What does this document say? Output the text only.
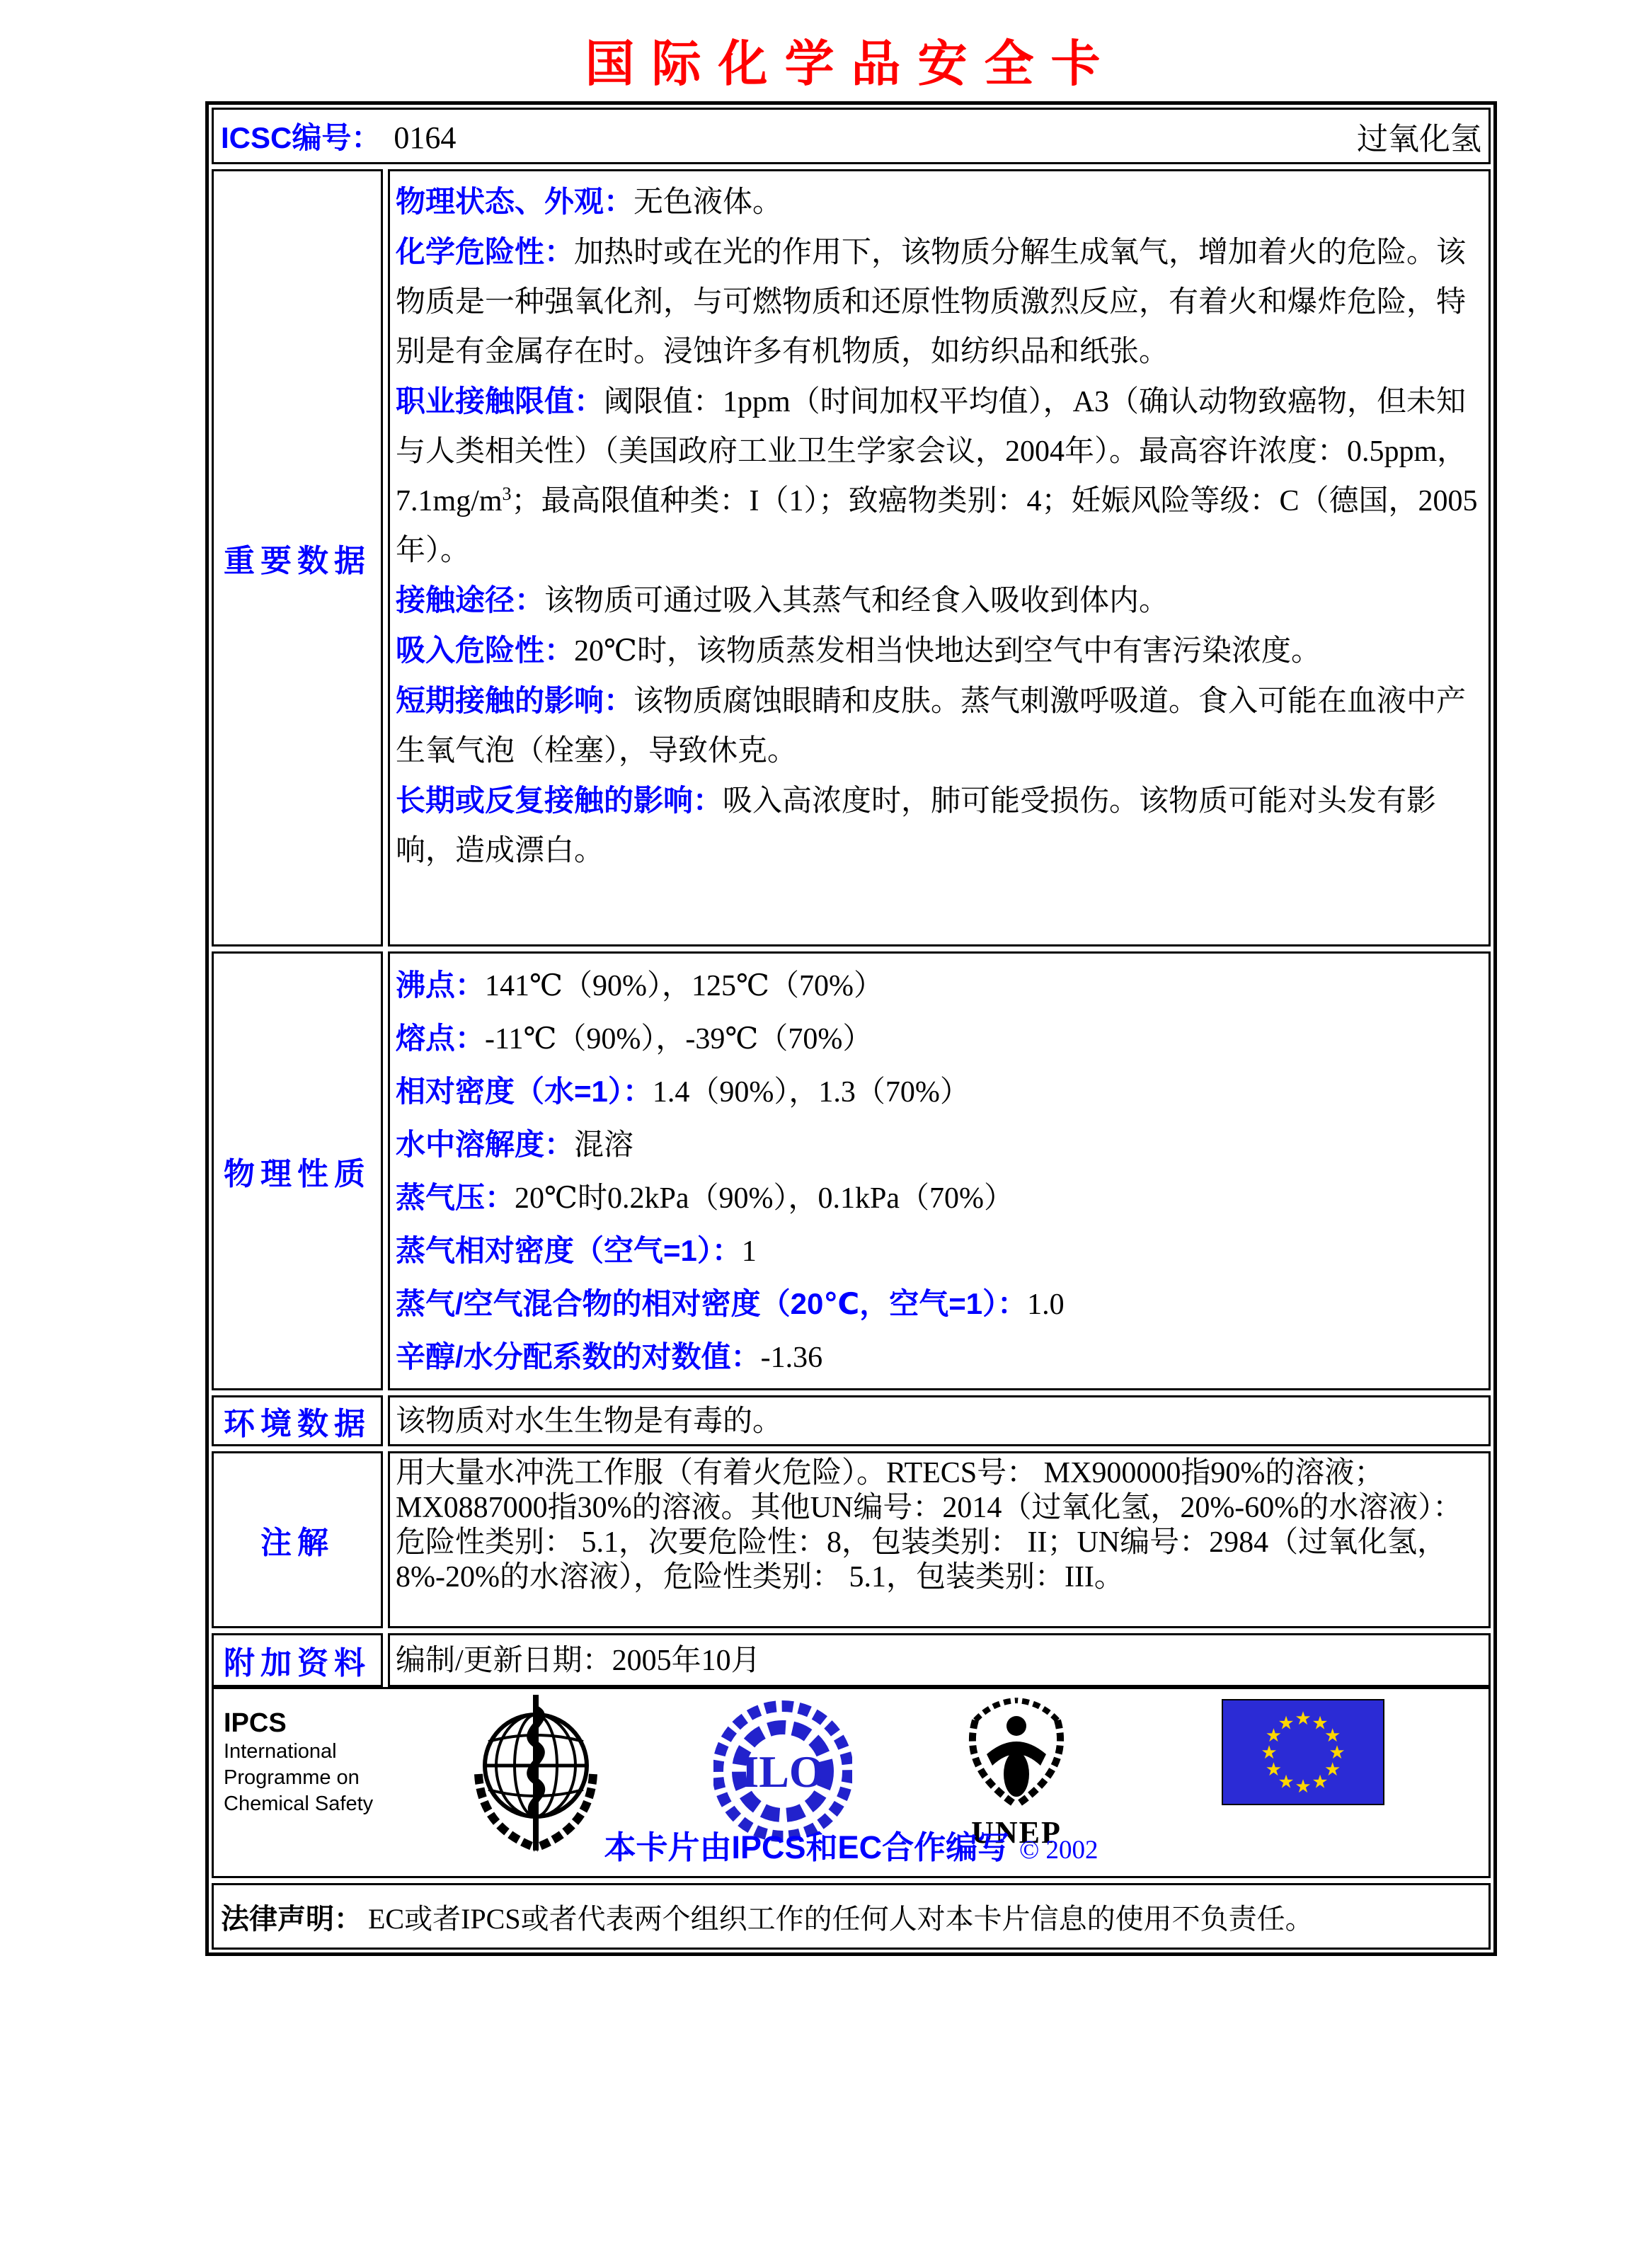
国际化学品安全卡
ICSC编号： 0164	过氧化氢
重要数据

物理状态、外观：无色液体。

化学危险性：加热时或在光的作用下，该物质分解生成氧气，增加着火的危险。该物质是一种强氧化剂，与可燃物质和还原性物质激烈反应，有着火和爆炸危险，特别是有金属存在时。浸蚀许多有机物质，如纺织品和纸张。

职业接触限值：阈限值：1ppm（时间加权平均值），A3（确认动物致癌物，但未知与人类相关性）（美国政府工业卫生学家会议，2004年）。最高容许浓度：0.5ppm，$7.1mg/m^3$；最高限值种类：I（1）；致癌物类别：4；妊娠风险等级：C（德国，2005年）。

接触途径：该物质可通过吸入其蒸气和经食入吸收到体内。

吸入危险性：20℃时，该物质蒸发相当快地达到空气中有害污染浓度。

短期接触的影响：该物质腐蚀眼睛和皮肤。蒸气刺激呼吸道。食入可能在血液中产生氧气泡（栓塞），导致休克。

长期或反复接触的影响：吸入高浓度时，肺可能受损伤。该物质可能对头发有影响，造成漂白。

物理性质

沸点：141℃（90%），125℃（70%）

熔点：-11℃（90%），-39℃（70%）

相对密度（水=1）：1.4（90%），1.3（70%）

水中溶解度：混溶

蒸气压：20℃时0.2kPa（90%），0.1kPa（70%）

蒸气相对密度（空气=1）：1

蒸气/空气混合物的相对密度（20℃，空气=1）：1.0

辛醇/水分配系数的对数值：-1.36

环境数据 该物质对水生生物是有毒的。

注解

用大量水冲洗工作服（有着火危险）。RTECS号： MX900000指90%的溶液；MX0887000指30%的溶液。其他UN编号：2014（过氧化氢，20%-60%的水溶液）：危险性类别： 5.1，次要危险性：8，包装类别： II；UN编号：2984（过氧化氢，8%-20%的水溶液），危险性类别： 5.1，包装类别：III。

附加资料 编制/更新日期：2005年10月

IPCS
International
Programme on
Chemical Safety
ILO
UNEP
★ ★
★
★
★
★
★
★
★
★
★
★
本卡片由IPCS和EC合作编写 © 2002
法律声明： EC或者IPCS或者代表两个组织工作的任何人对本卡片信息的使用不负责任。
